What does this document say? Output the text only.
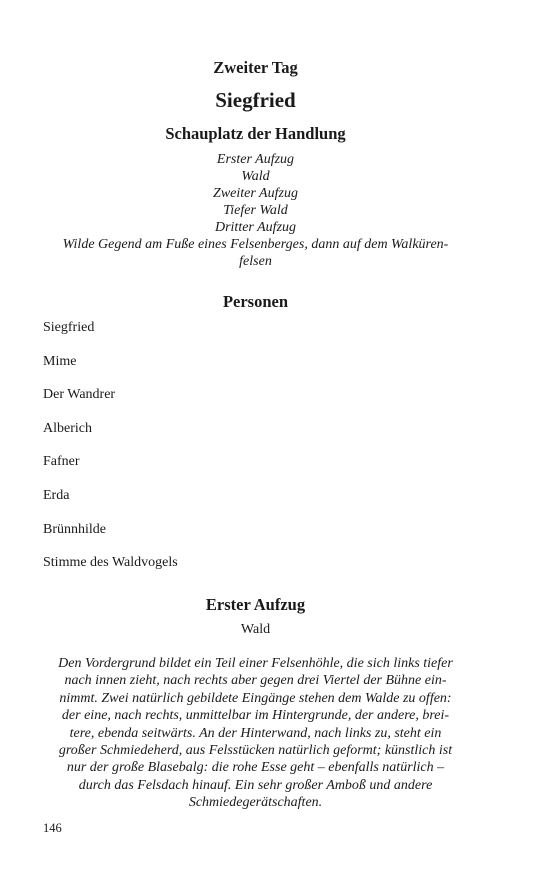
Zweiter Tag
Siegfried
Schauplatz der Handlung
Erster Aufzug
Wald
Zweiter Aufzug
Tiefer Wald
Dritter Aufzug
Wilde Gegend am Fuße eines Felsenberges, dann auf dem Walküren-
felsen
Personen
Siegfried
Mime
Der Wandrer
Alberich
Fafner
Erda
Brünnhilde
Stimme des Waldvogels
Erster Aufzug
Wald
Den Vordergrund bildet ein Teil einer Felsenhöhle, die sich links tiefer
nach innen zieht, nach rechts aber gegen drei Viertel der Bühne ein-
nimmt. Zwei natürlich gebildete Eingänge stehen dem Walde zu offen:
der eine, nach rechts, unmittelbar im Hintergrunde, der andere, brei-
tere, ebenda seitwärts. An der Hinterwand, nach links zu, steht ein
großer Schmiedeherd, aus Felsstücken natürlich geformt; künstlich ist
nur der große Blasebalg: die rohe Esse geht – ebenfalls natürlich –
durch das Felsdach hinauf. Ein sehr großer Amboß und andere
Schmiedegerätschaften.
146
